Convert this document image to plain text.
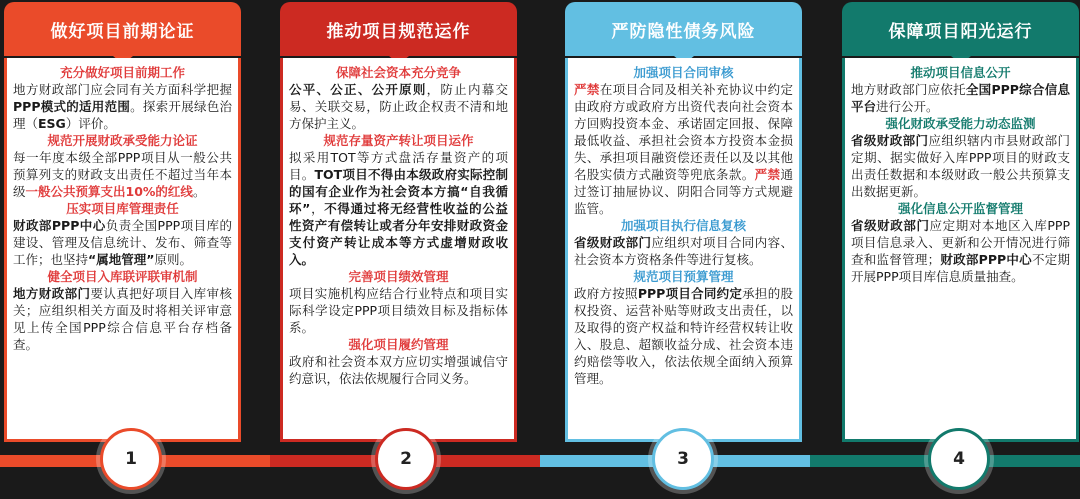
做好项目前期论证
充分做好项目前期工作
地方财政部门应会同有关方面科学把握PPP模式的适用范围。探索开展绿色治理（ESG）评价。
规范开展财政承受能力论证
每一年度本级全部PPP项目从一般公共预算列支的财政支出责任不超过当年本级一般公共预算支出10%的红线。
压实项目库管理责任
财政部PPP中心负责全国PPP项目库的建设、管理及信息统计、发布、筛查等工作；也坚持“属地管理”原则。
健全项目入库联评联审机制
地方财政部门要认真把好项目入库审核关；应组织相关方面及时将相关评审意见上传全国PPP综合信息平台存档备查。
推动项目规范运作
保障社会资本充分竞争
公平、公正、公开原则，防止内幕交易、关联交易，防止政企权责不清和地方保护主义。
规范存量资产转让项目运作
拟采用TOT等方式盘活存量资产的项目。TOT项目不得由本级政府实际控制的国有企业作为社会资本方搞“自我循环”，不得通过将无经营性收益的公益性资产有偿转让或者分年安排财政资金支付资产转让成本等方式虚增财政收入。
完善项目绩效管理
项目实施机构应结合行业特点和项目实际科学设定PPP项目绩效目标及指标体系。
强化项目履约管理
政府和社会资本双方应切实增强诚信守约意识，依法依规履行合同义务。
严防隐性债务风险
加强项目合同审核
严禁在项目合同及相关补充协议中约定由政府方或政府方出资代表向社会资本方回购投资本金、承诺固定回报、保障最低收益、承担社会资本方投资本金损失、承担项目融资偿还责任以及以其他名股实债方式融资等兜底条款。严禁通过签订抽屉协议、阴阳合同等方式规避监管。
加强项目执行信息复核
省级财政部门应组织对项目合同内容、社会资本方资格条件等进行复核。
规范项目预算管理
政府方按照PPP项目合同约定承担的股权投资、运营补贴等财政支出责任，以及取得的资产权益和特许经营权转让收入、股息、超额收益分成、社会资本违约赔偿等收入，依法依规全面纳入预算管理。
保障项目阳光运行
推动项目信息公开
地方财政部门应依托全国PPP综合信息平台进行公开。
强化财政承受能力动态监测
省级财政部门应组织辖内市县财政部门定期、据实做好入库PPP项目的财政支出责任数据和本级财政一般公共预算支出数据更新。
强化信息公开监督管理
省级财政部门应定期对本地区入库PPP项目信息录入、更新和公开情况进行筛查和监督管理；财政部PPP中心不定期开展PPP项目库信息质量抽查。
1	2	3	4
